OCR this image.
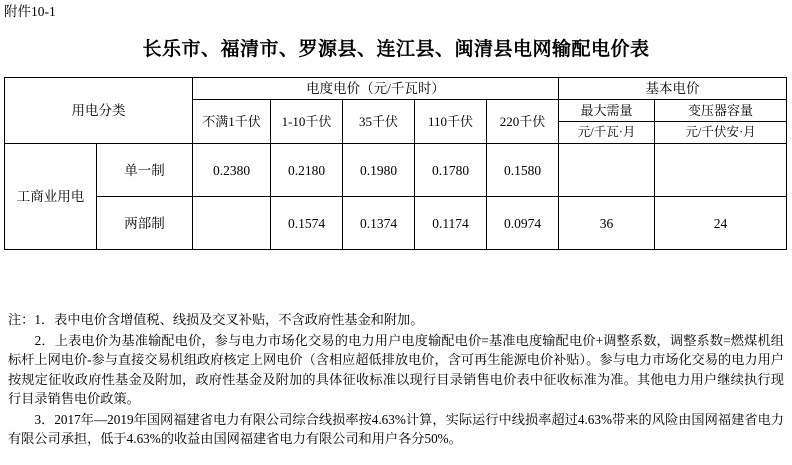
附件10-1
长乐市、福清市、罗源县、连江县、闽清县电网输配电价表
用电分类		电度电价（元/千瓦时）					基本电价	
		不满1千伏	1-10千伏	35千伏	110千伏	220千伏	最大需量	变压器容量
							元/千瓦·月	元/千伏安·月
工商业用电	单一制	0.2380	0.2180	0.1980	0.1780	0.1580		
	两部制		0.1574	0.1374	0.1174	0.0974	36	24

注：1．表中电价含增值税、线损及交叉补贴，不含政府性基金和附加。

　　2．上表电价为基准输配电价，参与电力市场化交易的电力用户电度输配电价=基准电度输配电价+调整系数，调整系数=燃煤机组标杆上网电价-参与直接交易机组政府核定上网电价（含相应超低排放电价，含可再生能源电价补贴）。参与电力市场化交易的电力用户按规定征收政府性基金及附加，政府性基金及附加的具体征收标准以现行目录销售电价表中征收标准为准。其他电力用户继续执行现行目录销售电价政策。

　　3．2017年—2019年国网福建省电力有限公司综合线损率按4.63%计算，实际运行中线损率超过4.63%带来的风险由国网福建省电力有限公司承担，低于4.63%的收益由国网福建省电力有限公司和用户各分50%。
